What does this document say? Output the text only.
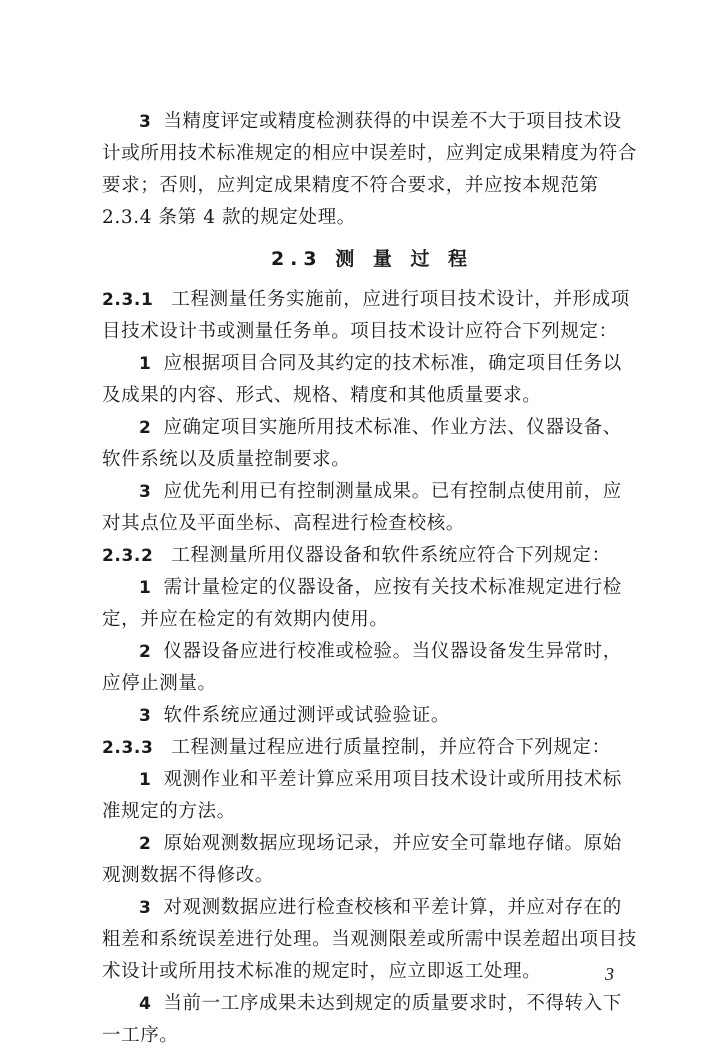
3 当精度评定或精度检测获得的中误差不大于项目技术设
计或所用技术标准规定的相应中误差时，应判定成果精度为符合
要求；否则，应判定成果精度不符合要求，并应按本规范第
2.3.4 条第 4 款的规定处理。
2.3 测 量 过 程
2.3.1 工程测量任务实施前，应进行项目技术设计，并形成项
目技术设计书或测量任务单。项目技术设计应符合下列规定：
1 应根据项目合同及其约定的技术标准，确定项目任务以
及成果的内容、形式、规格、精度和其他质量要求。
2 应确定项目实施所用技术标准、作业方法、仪器设备、
软件系统以及质量控制要求。
3 应优先利用已有控制测量成果。已有控制点使用前，应
对其点位及平面坐标、高程进行检查校核。
2.3.2 工程测量所用仪器设备和软件系统应符合下列规定：
1 需计量检定的仪器设备，应按有关技术标准规定进行检
定，并应在检定的有效期内使用。
2 仪器设备应进行校准或检验。当仪器设备发生异常时，
应停止测量。
3 软件系统应通过测评或试验验证。
2.3.3 工程测量过程应进行质量控制，并应符合下列规定：
1 观测作业和平差计算应采用项目技术设计或所用技术标
准规定的方法。
2 原始观测数据应现场记录，并应安全可靠地存储。原始
观测数据不得修改。
3 对观测数据应进行检查校核和平差计算，并应对存在的
粗差和系统误差进行处理。当观测限差或所需中误差超出项目技
术设计或所用技术标准的规定时，应立即返工处理。
4 当前一工序成果未达到规定的质量要求时，不得转入下
一工序。
3
